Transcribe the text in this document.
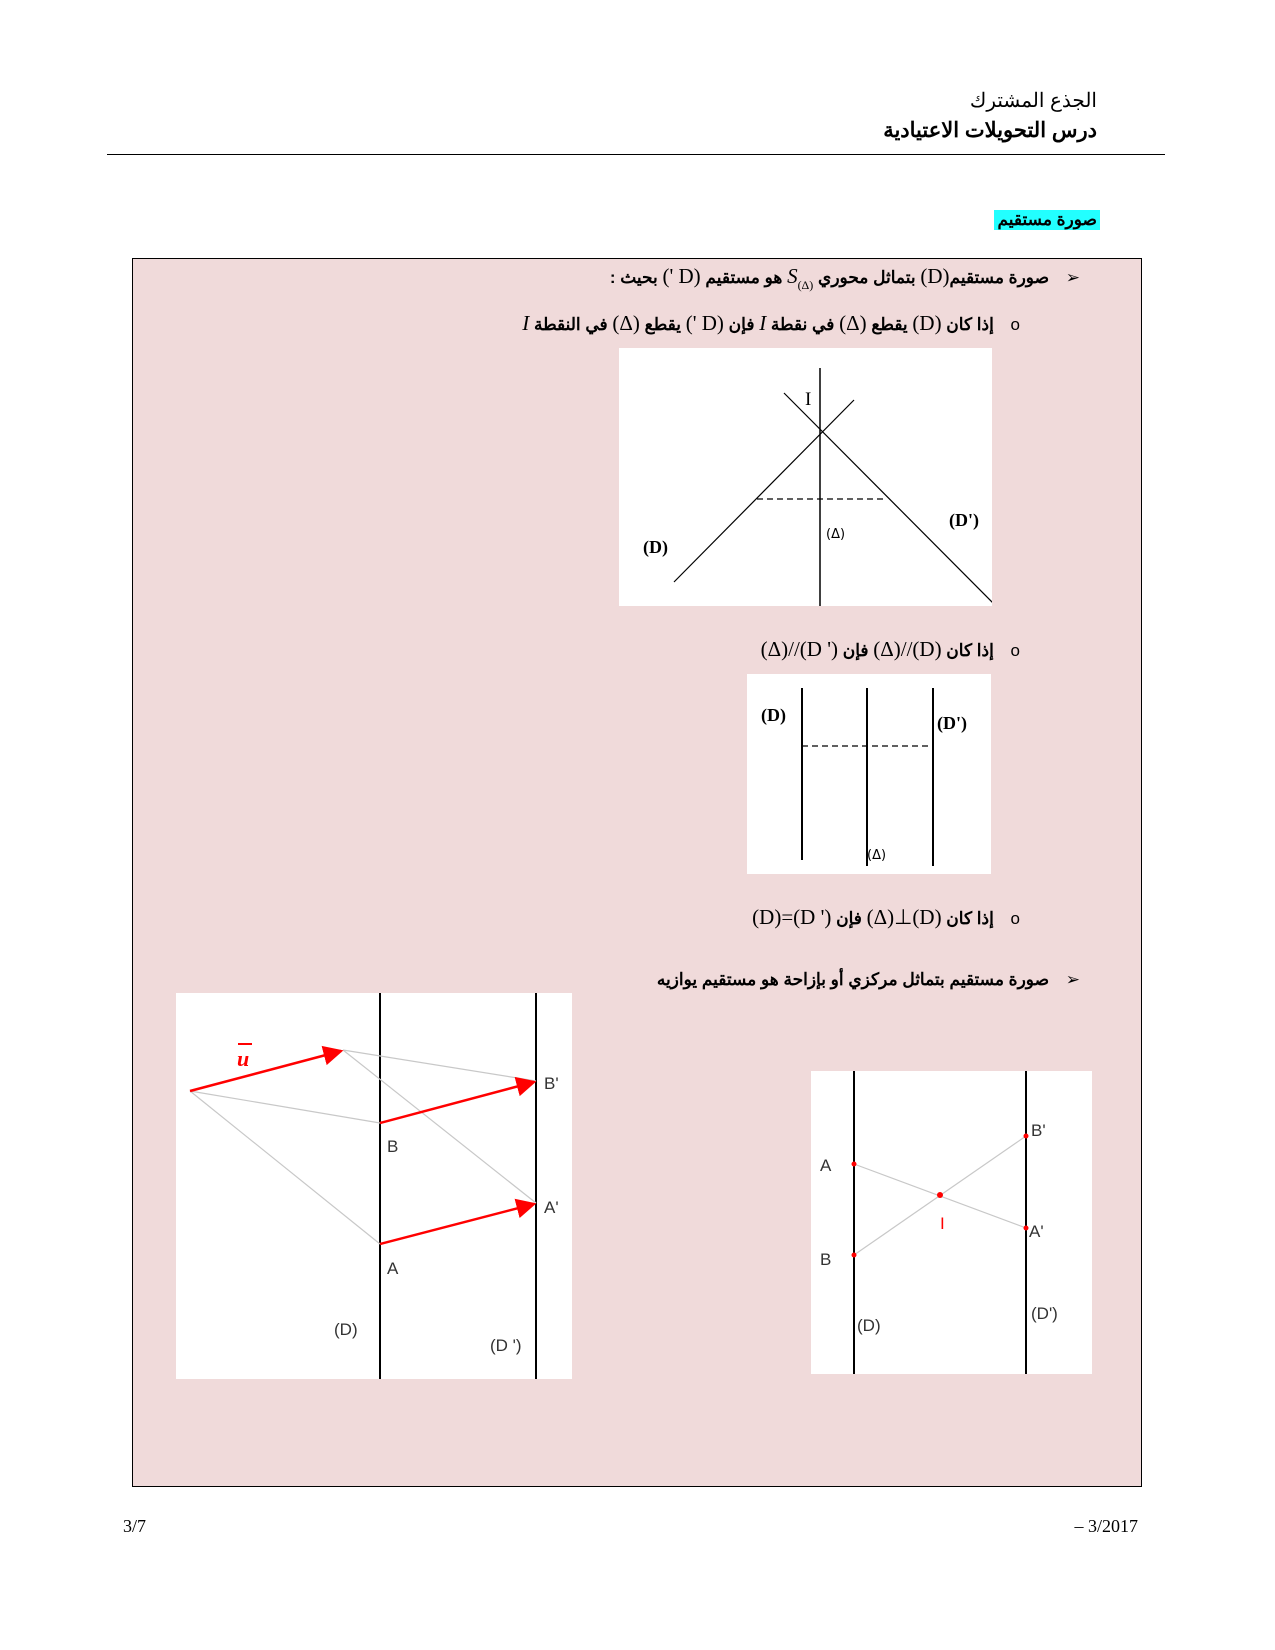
الجذع المشترك
درس التحويلات الاعتيادية
صورة مستقيم
➢ صورة مستقيم(D) بتماثل محوري $S_{(\Delta)}$ هو مستقيم (D ') بحيث :
o إذا كان (D) يقطع (Δ) في نقطة I فإن (D ') يقطع (Δ) في النقطة I
I
(D)
(D')
(Δ)
o إذا كان (Δ)//(D) فإن (Δ)//(D ')
(D)	(D')
(Δ)
o إذا كان (Δ)⊥(D) فإن (D)=(D ')
➢ صورة مستقيم بتماثل مركزي أو بإزاحة هو مستقيم يوازيه
u
B
A
B'
A'
(D)
(D ')
A
B
I
B'
A'
(D)
(D')
3/7	– 3/2017
